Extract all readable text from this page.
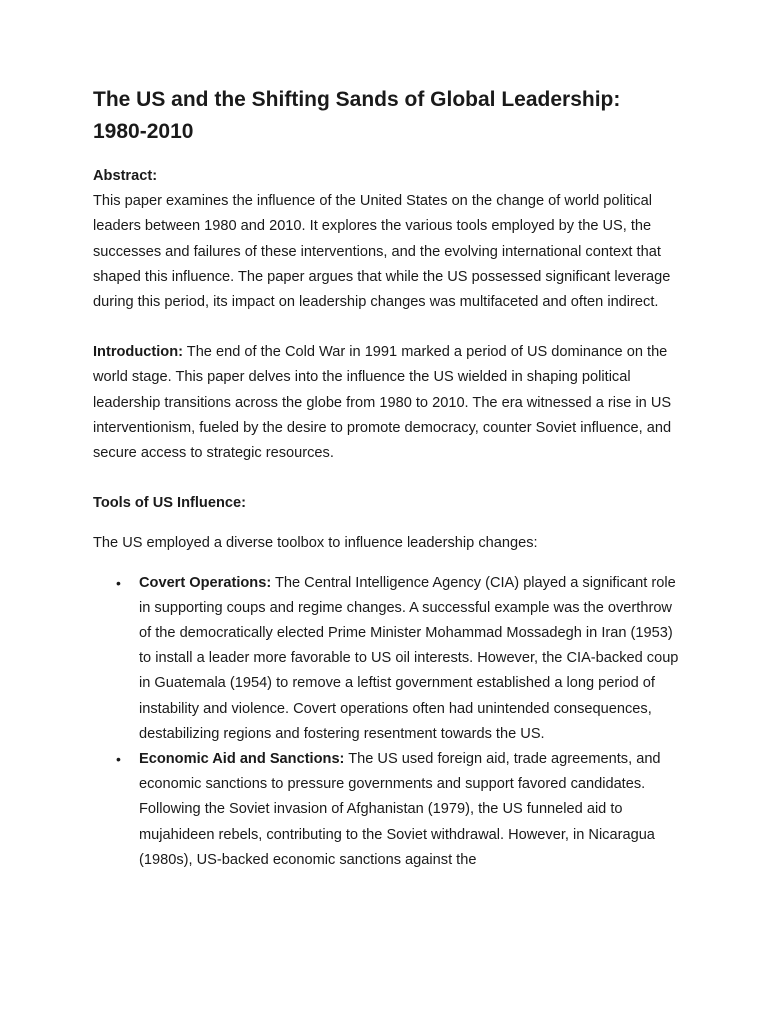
The US and the Shifting Sands of Global Leadership: 1980-2010
Abstract:

This paper examines the influence of the United States on the change of world political leaders between 1980 and 2010. It explores the various tools employed by the US, the successes and failures of these interventions, and the evolving international context that shaped this influence. The paper argues that while the US possessed significant leverage during this period, its impact on leadership changes was multifaceted and often indirect.

Introduction: The end of the Cold War in 1991 marked a period of US dominance on the world stage. This paper delves into the influence the US wielded in shaping political leadership transitions across the globe from 1980 to 2010. The era witnessed a rise in US interventionism, fueled by the desire to promote democracy, counter Soviet influence, and secure access to strategic resources.

Tools of US Influence:

The US employed a diverse toolbox to influence leadership changes:

• Covert Operations: The Central Intelligence Agency (CIA) played a significant role in supporting coups and regime changes. A successful example was the overthrow of the democratically elected Prime Minister Mohammad Mossadegh in Iran (1953) to install a leader more favorable to US oil interests. However, the CIA-backed coup in Guatemala (1954) to remove a leftist government established a long period of instability and violence. Covert operations often had unintended consequences, destabilizing regions and fostering resentment towards the US.
• Economic Aid and Sanctions: The US used foreign aid, trade agreements, and economic sanctions to pressure governments and support favored candidates. Following the Soviet invasion of Afghanistan (1979), the US funneled aid to mujahideen rebels, contributing to the Soviet withdrawal. However, in Nicaragua (1980s), US-backed economic sanctions against the
